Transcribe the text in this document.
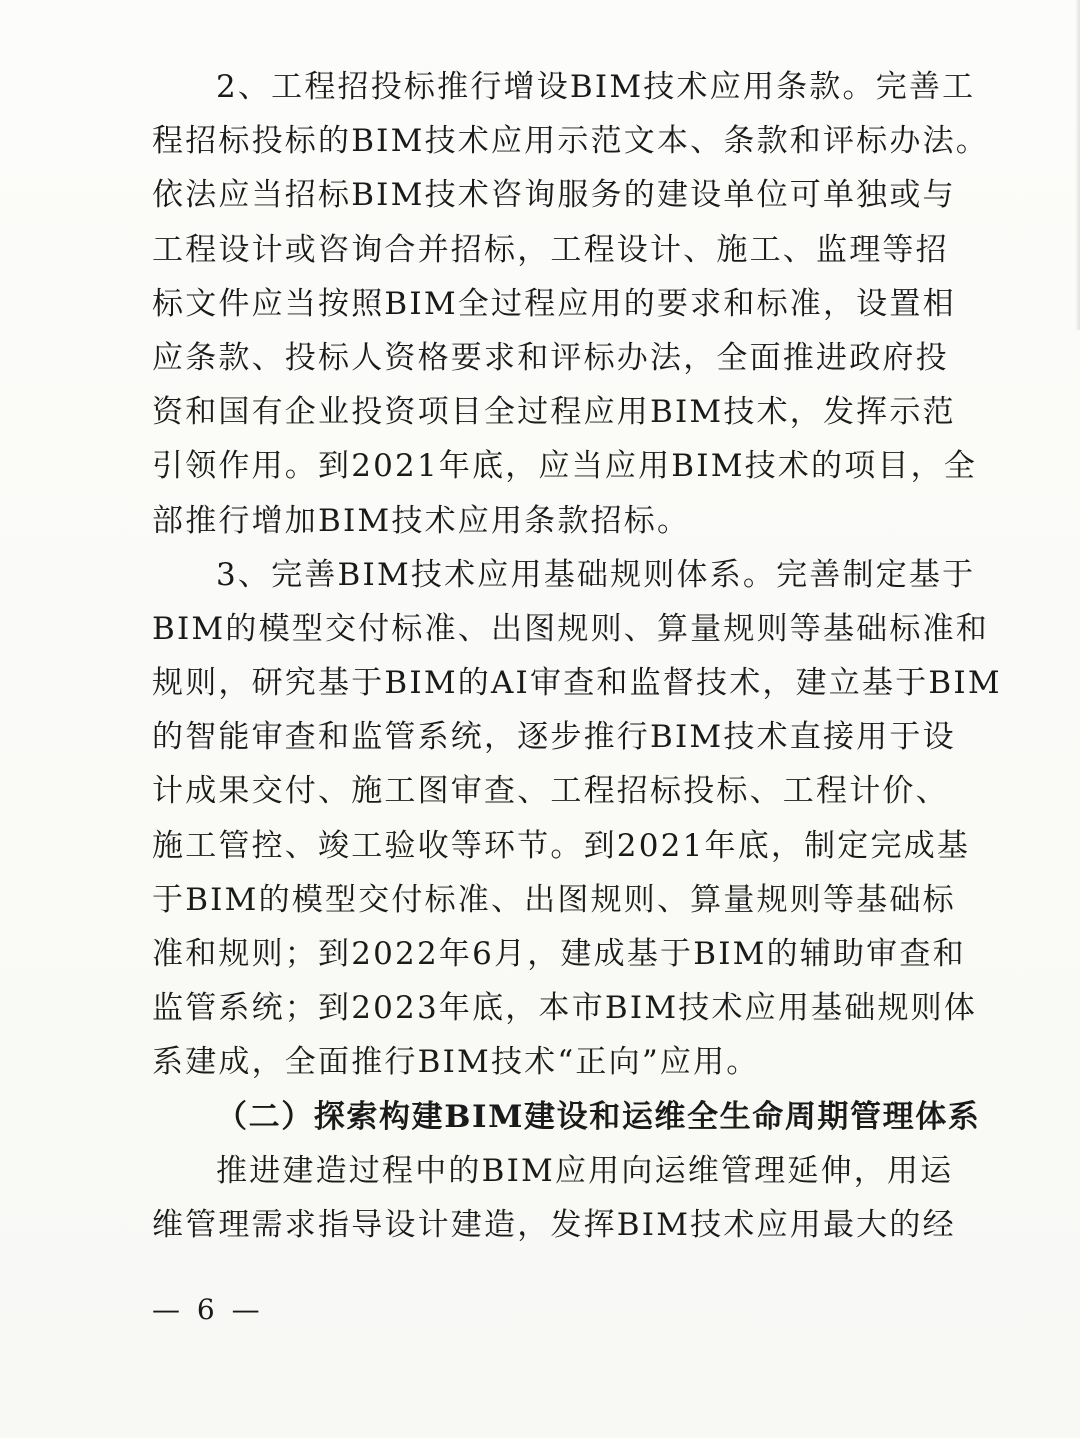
2、工程招投标推行增设BIM技术应用条款。完善工
程招标投标的BIM技术应用示范文本、条款和评标办法。
依法应当招标BIM技术咨询服务的建设单位可单独或与
工程设计或咨询合并招标，工程设计、施工、监理等招
标文件应当按照BIM全过程应用的要求和标准，设置相
应条款、投标人资格要求和评标办法，全面推进政府投
资和国有企业投资项目全过程应用BIM技术，发挥示范
引领作用。到2021年底，应当应用BIM技术的项目，全
部推行增加BIM技术应用条款招标。
3、完善BIM技术应用基础规则体系。完善制定基于
BIM的模型交付标准、出图规则、算量规则等基础标准和
规则，研究基于BIM的AI审查和监督技术，建立基于BIM
的智能审查和监管系统，逐步推行BIM技术直接用于设
计成果交付、施工图审查、工程招标投标、工程计价、
施工管控、竣工验收等环节。到2021年底，制定完成基
于BIM的模型交付标准、出图规则、算量规则等基础标
准和规则；到2022年6月，建成基于BIM的辅助审查和
监管系统；到2023年底，本市BIM技术应用基础规则体
系建成，全面推行BIM技术“正向”应用。
（二）探索构建BIM建设和运维全生命周期管理体系
推进建造过程中的BIM应用向运维管理延伸，用运
维管理需求指导设计建造，发挥BIM技术应用最大的经
— 6 —
